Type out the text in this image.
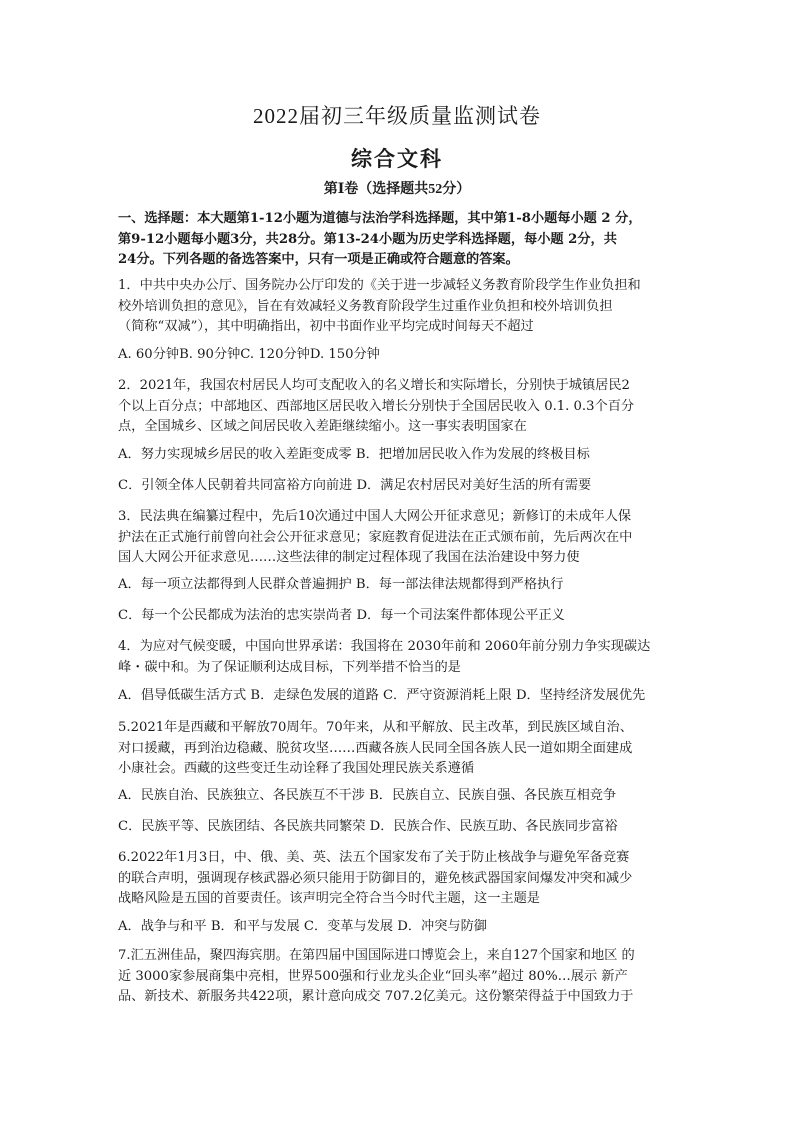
2022届初三年级质量监测试卷
综合文科
第Ⅰ卷（选择题共52分）
一、选择题：本大题第1-12小题为道德与法治学科选择题，其中第1-8小题每小题 2 分，
第9-12小题每小题3分，共28分。第13-24小题为历史学科选择题，每小题 2分，共
24分。下列各题的备选答案中，只有一项是正确或符合题意的答案。
1．中共中央办公厅、国务院办公厅印发的《关于进一步减轻义务教育阶段学生作业负担和
校外培训负担的意见》，旨在有效减轻义务教育阶段学生过重作业负担和校外培训负担
（简称“双减”），其中明确指出，初中书面作业平均完成时间每天不超过
A. 60分钟B. 90分钟C. 120分钟D. 150分钟
2．2021年，我国农村居民人均可支配收入的名义增长和实际增长，分别快于城镇居民2
个以上百分点；中部地区、西部地区居民收入增长分别快于全国居民收入 0.1. 0.3个百分
点，全国城乡、区域之间居民收入差距继续缩小。这一事实表明国家在
A．努力实现城乡居民的收入差距变成零 B．把增加居民收入作为发展的终极目标
C．引领全体人民朝着共同富裕方向前进 D．满足农村居民对美好生活的所有需要
3．民法典在编纂过程中，先后10次通过中国人大网公开征求意见；新修订的未成年人保
护法在正式施行前曾向社会公开征求意见；家庭教育促进法在正式颁布前，先后两次在中
国人大网公开征求意见……这些法律的制定过程体现了我国在法治建设中努力使
A．每一项立法都得到人民群众普遍拥护 B．每一部法律法规都得到严格执行
C．每一个公民都成为法治的忠实崇尚者 D．每一个司法案件都体现公平正义
4．为应对气候变暖，中国向世界承诺：我国将在 2030年前和 2060年前分别力争实现碳达
峰・碳中和。为了保证顺利达成目标，下列举措不恰当的是
A．倡导低碳生活方式 B．走绿色发展的道路 C．严守资源消耗上限 D．坚持经济发展优先
5.2021年是西藏和平解放70周年。70年来，从和平解放、民主改革，到民族区域自治、
对口援藏，再到治边稳藏、脱贫攻坚……西藏各族人民同全国各族人民一道如期全面建成
小康社会。西藏的这些变迁生动诠释了我国处理民族关系遵循
A．民族自治、民族独立、各民族互不干涉 B．民族自立、民族自强、各民族互相竞争
C．民族平等、民族团结、各民族共同繁荣 D．民族合作、民族互助、各民族同步富裕
6.2022年1月3日，中、俄、美、英、法五个国家发布了关于防止核战争与避免军备竞赛
的联合声明，强调现存核武器必须只能用于防御目的，避免核武器国家间爆发冲突和减少
战略风险是五国的首要责任。该声明完全符合当今时代主题，这一主题是
A．战争与和平 B．和平与发展 C．变革与发展 D．冲突与防御
7.汇五洲佳品，聚四海宾朋。在第四届中国国际进口博览会上，来自127个国家和地区 的
近 3000家参展商集中亮相，世界500强和行业龙头企业“回头率”超过 80%…展示 新产
品、新技术、新服务共422项，累计意向成交 707.2亿美元。这份繁荣得益于中国致力于
